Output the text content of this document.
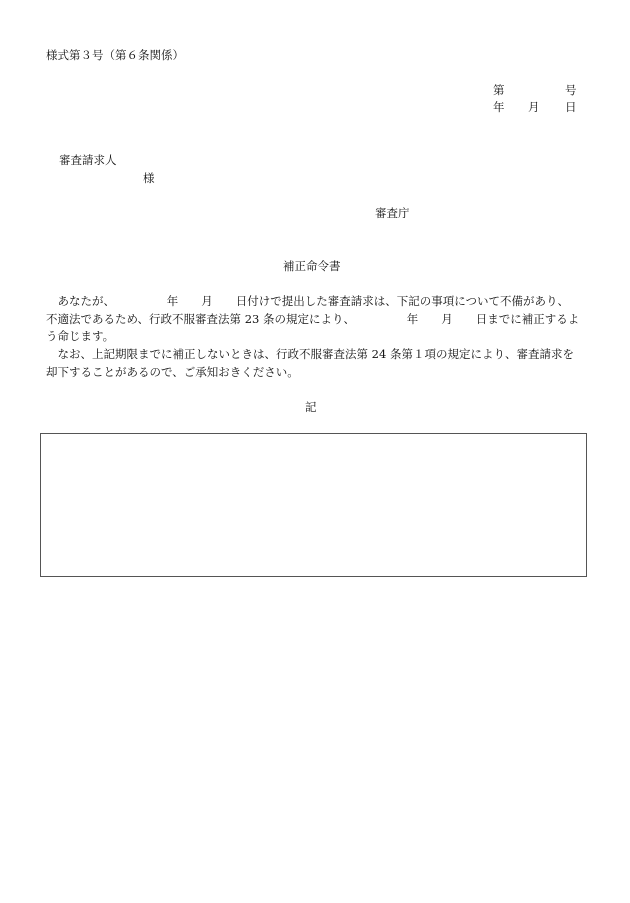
様式第３号（第６条関係）
第	号
年 月 日
審査請求人
様
審査庁
補正命令書
　あなたが、　　　　　年　　月　　日付けで提出した審査請求は、下記の事項について不備があり、
不適法であるため、行政不服審査法第 23 条の規定により、　　　　　年　　月　　日までに補正するよ
う命じます。
　なお、上記期限までに補正しないときは、行政不服審査法第 24 条第１項の規定により、審査請求を
却下することがあるので、ご承知おきください。
記
